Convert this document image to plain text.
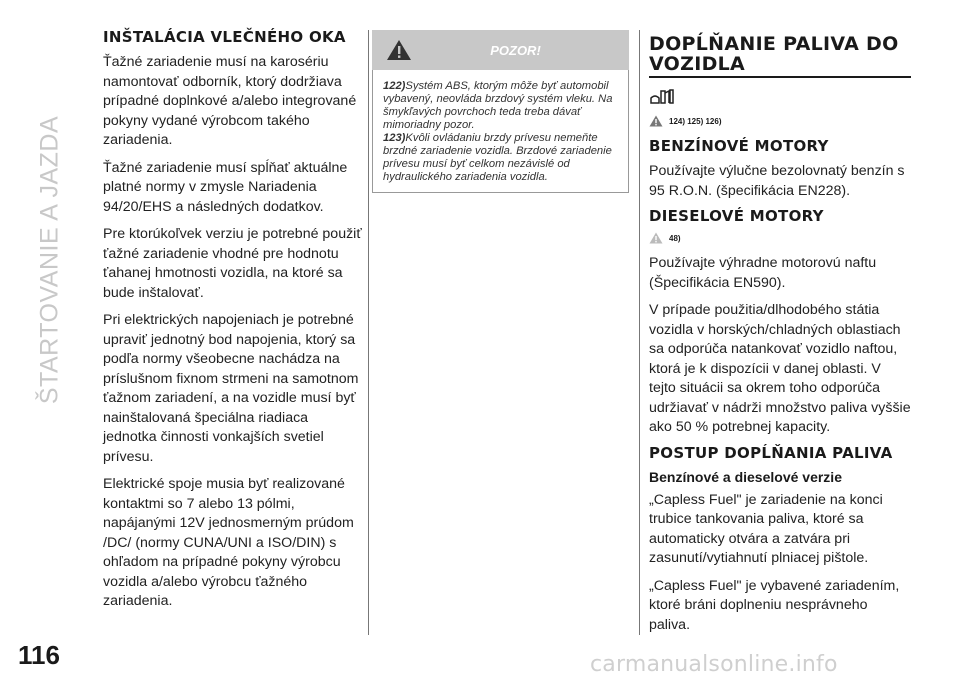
ŠTARTOVANIE A JAZDA
116
INŠTALÁCIA VLEČNÉHO OKA

Ťažné zariadenie musí na karosériu namontovať odborník, ktorý dodržiava prípadné doplnkové a/alebo integrované pokyny vydané výrobcom takého zariadenia.

Ťažné zariadenie musí spĺňať aktuálne platné normy v zmysle Nariadenia 94/20/EHS a následných dodatkov.

Pre ktorúkoľvek verziu je potrebné použiť ťažné zariadenie vhodné pre hodnotu ťahanej hmotnosti vozidla, na ktoré sa bude inštalovať.

Pri elektrických napojeniach je potrebné upraviť jednotný bod napojenia, ktorý sa podľa normy všeobecne nachádza na príslušnom fixnom strmeni na samotnom ťažnom zariadení, a na vozidle musí byť nainštalovaná špeciálna riadiaca jednotka činnosti vonkajších svetiel prívesu.

Elektrické spoje musia byť realizované kontaktmi so 7 alebo 13 pólmi, napájanými 12V jednosmerným prúdom /DC/ (normy CUNA/UNI a ISO/DIN) s ohľadom na prípadné pokyny výrobcu vozidla a/alebo výrobcu ťažného zariadenia.

POZOR!

122)Systém ABS, ktorým môže byť automobil vybavený, neovláda brzdový systém vleku. Na šmykľavých povrchoch teda treba dávať mimoriadny pozor.

123)Kvôli ovládaniu brzdy prívesu nemeňte brzdné zariadenie vozidla. Brzdové zariadenie prívesu musí byť celkom nezávislé od hydraulického zariadenia vozidla.

DOPĹŇANIE PALIVA DO VOZIDLA
124) 125) 126)
BENZÍNOVÉ MOTORY

Používajte výlučne bezolovnatý benzín s 95 R.O.N. (špecifikácia EN228).

DIESELOVÉ MOTORY
48)

Používajte výhradne motorovú naftu (Špecifikácia EN590).

V prípade použitia/dlhodobého státia vozidla v horských/chladných oblastiach sa odporúča natankovať vozidlo naftou, ktorá je k dispozícii v danej oblasti. V tejto situácii sa okrem toho odporúča udržiavať v nádrži množstvo paliva vyššie ako 50 % potrebnej kapacity.

POSTUP DOPĹŇANIA PALIVA
Benzínové a dieselové verzie

„Capless Fuel" je zariadenie na konci trubice tankovania paliva, ktoré sa automaticky otvára a zatvára pri zasunutí/vytiahnutí plniacej pištole.

„Capless Fuel" je vybavené zariadením, ktoré bráni doplneniu nesprávneho paliva.

carmanualsonline.info
